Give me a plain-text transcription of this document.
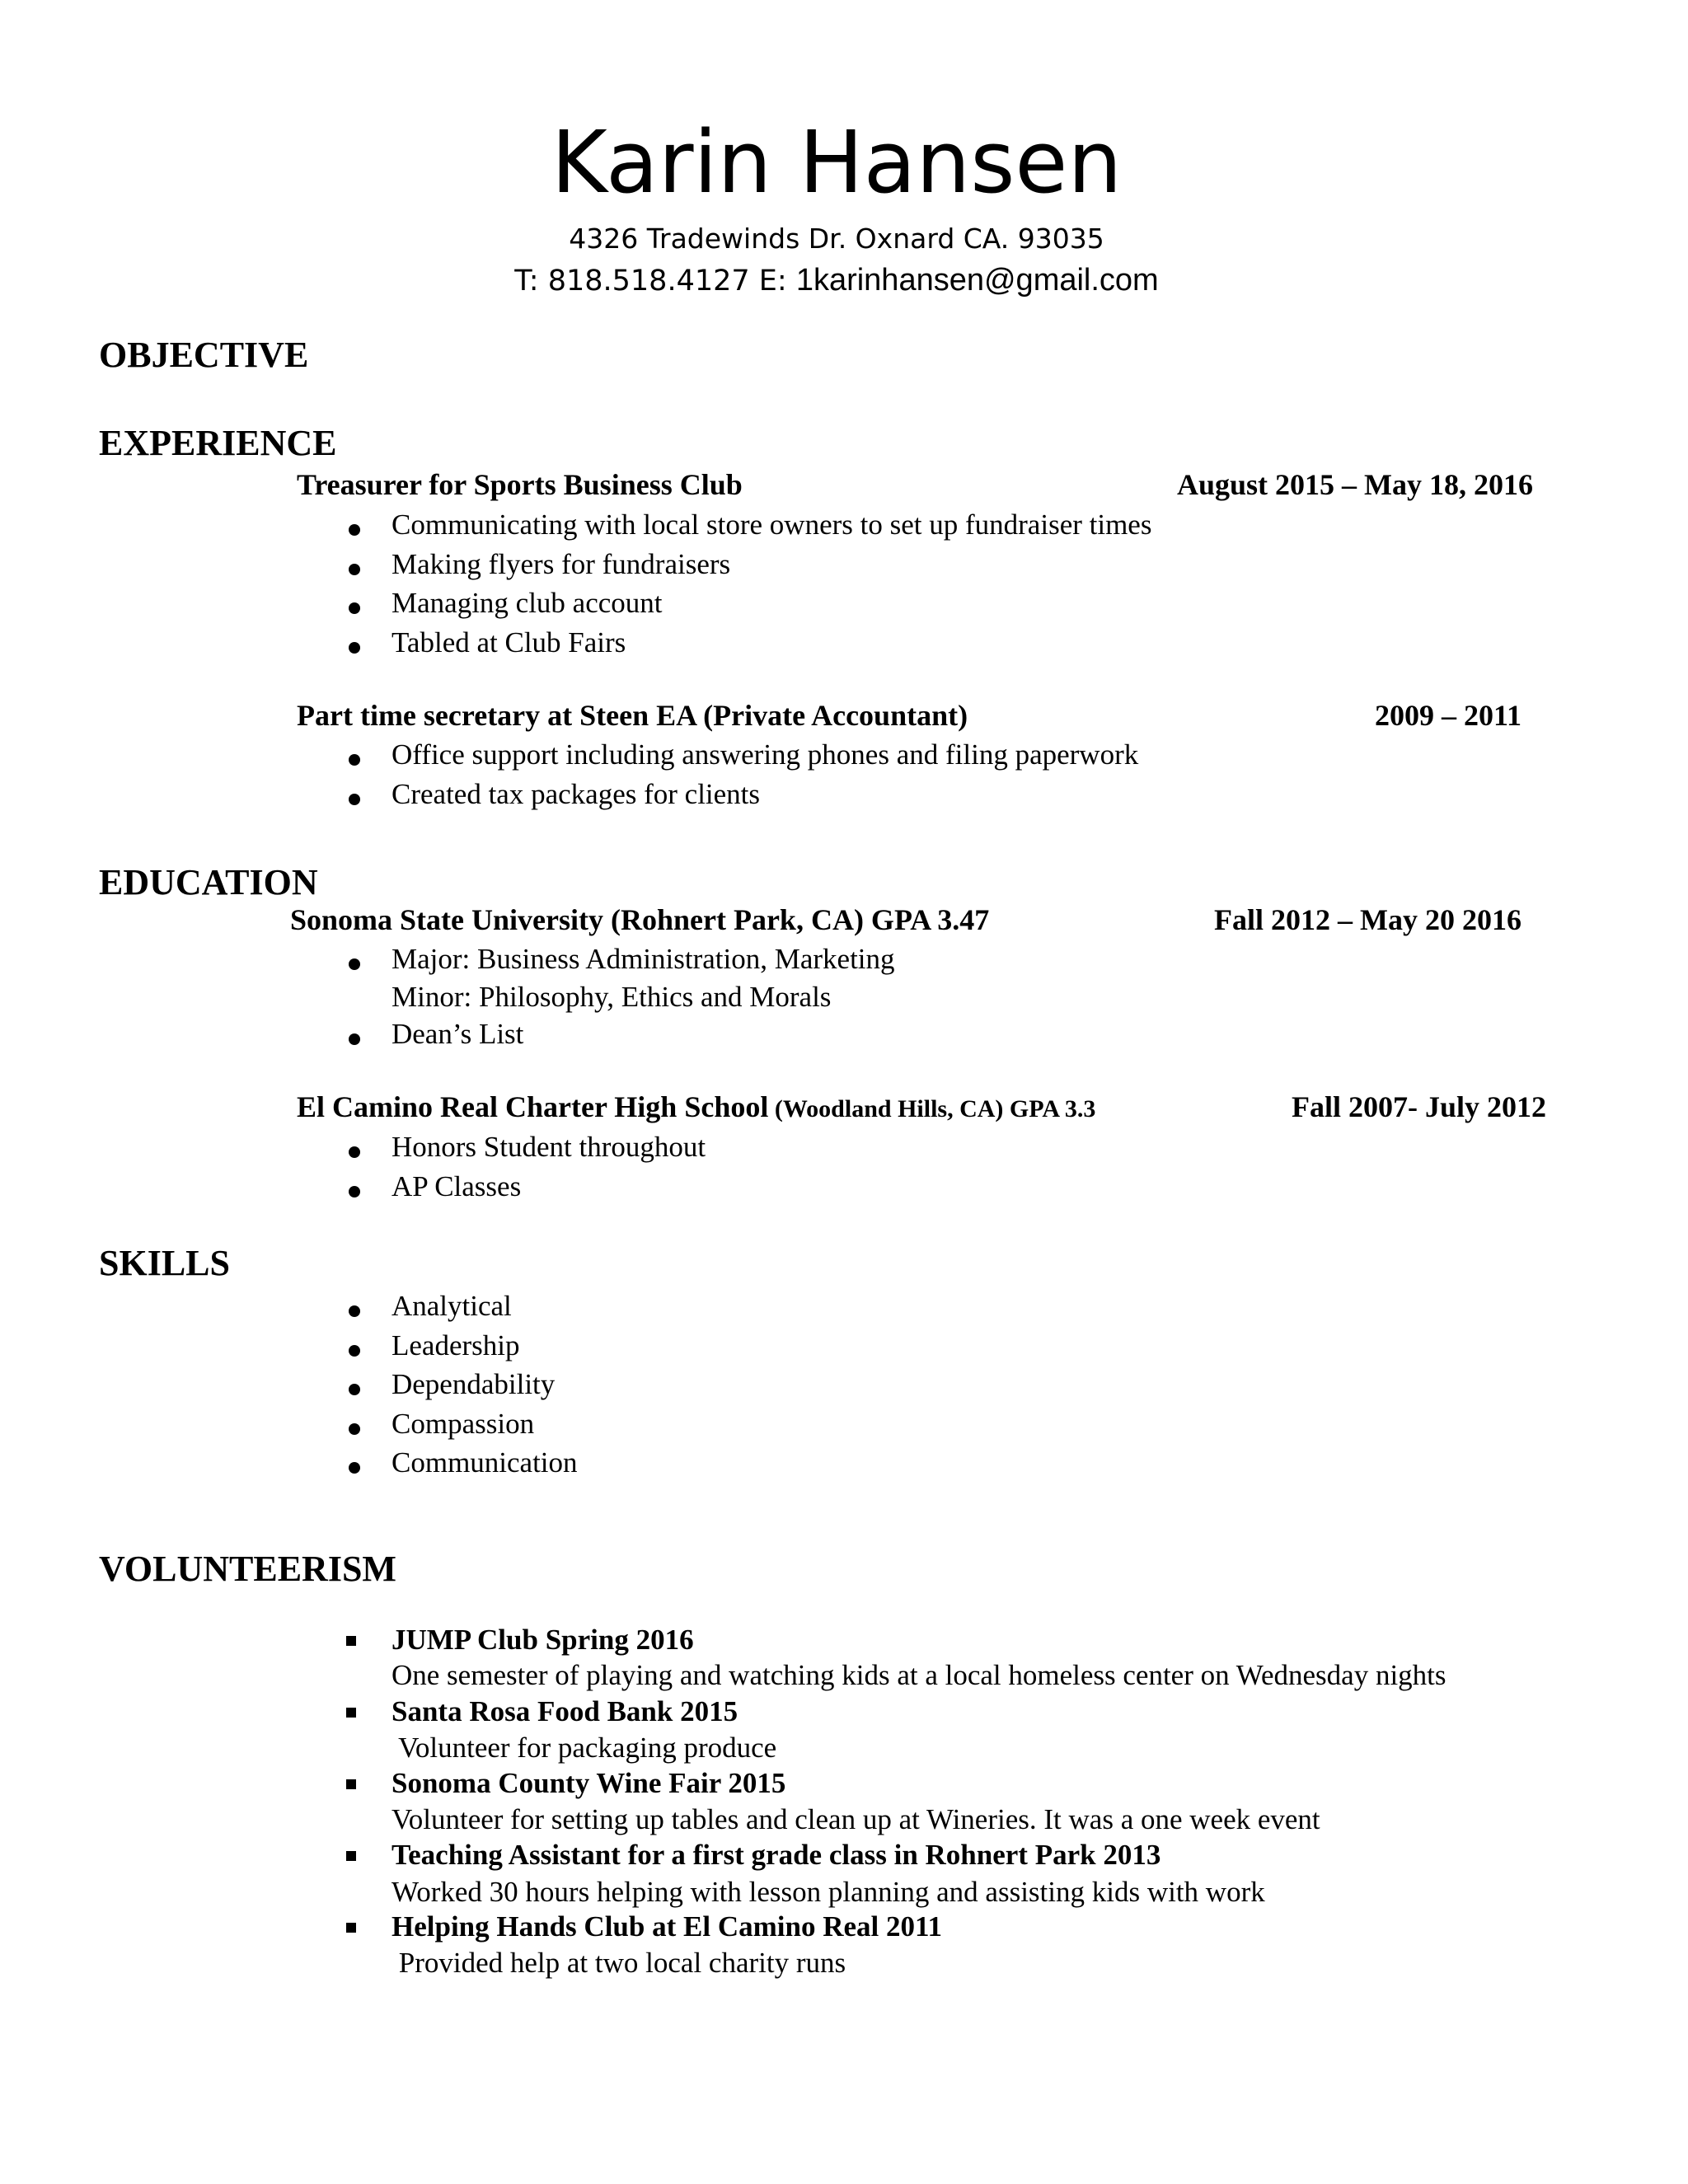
Karin Hansen
4326 Tradewinds Dr. Oxnard CA. 93035
T: 818.518.4127 E: 1karinhansen@gmail.com
OBJECTIVE
EXPERIENCE
Treasurer for Sports Business Club	August 2015 – May 18, 2016
Communicating with local store owners to set up fundraiser times
Making flyers for fundraisers
Managing club account
Tabled at Club Fairs
Part time secretary at Steen EA (Private Accountant)	2009 – 2011
Office support including answering phones and filing paperwork
Created tax packages for clients
EDUCATION
Sonoma State University (Rohnert Park, CA) GPA 3.47	Fall 2012 – May 20 2016
Major: Business Administration, Marketing
Minor: Philosophy, Ethics and Morals
Dean’s List
El Camino Real Charter High School (Woodland Hills, CA) GPA 3.3	Fall 2007- July 2012
Honors Student throughout
AP Classes
SKILLS
Analytical
Leadership
Dependability
Compassion
Communication
VOLUNTEERISM
JUMP Club Spring 2016
One semester of playing and watching kids at a local homeless center on Wednesday nights
Santa Rosa Food Bank 2015
Volunteer for packaging produce
Sonoma County Wine Fair 2015
Volunteer for setting up tables and clean up at Wineries. It was a one week event
Teaching Assistant for a first grade class in Rohnert Park 2013
Worked 30 hours helping with lesson planning and assisting kids with work
Helping Hands Club at El Camino Real 2011
Provided help at two local charity runs
